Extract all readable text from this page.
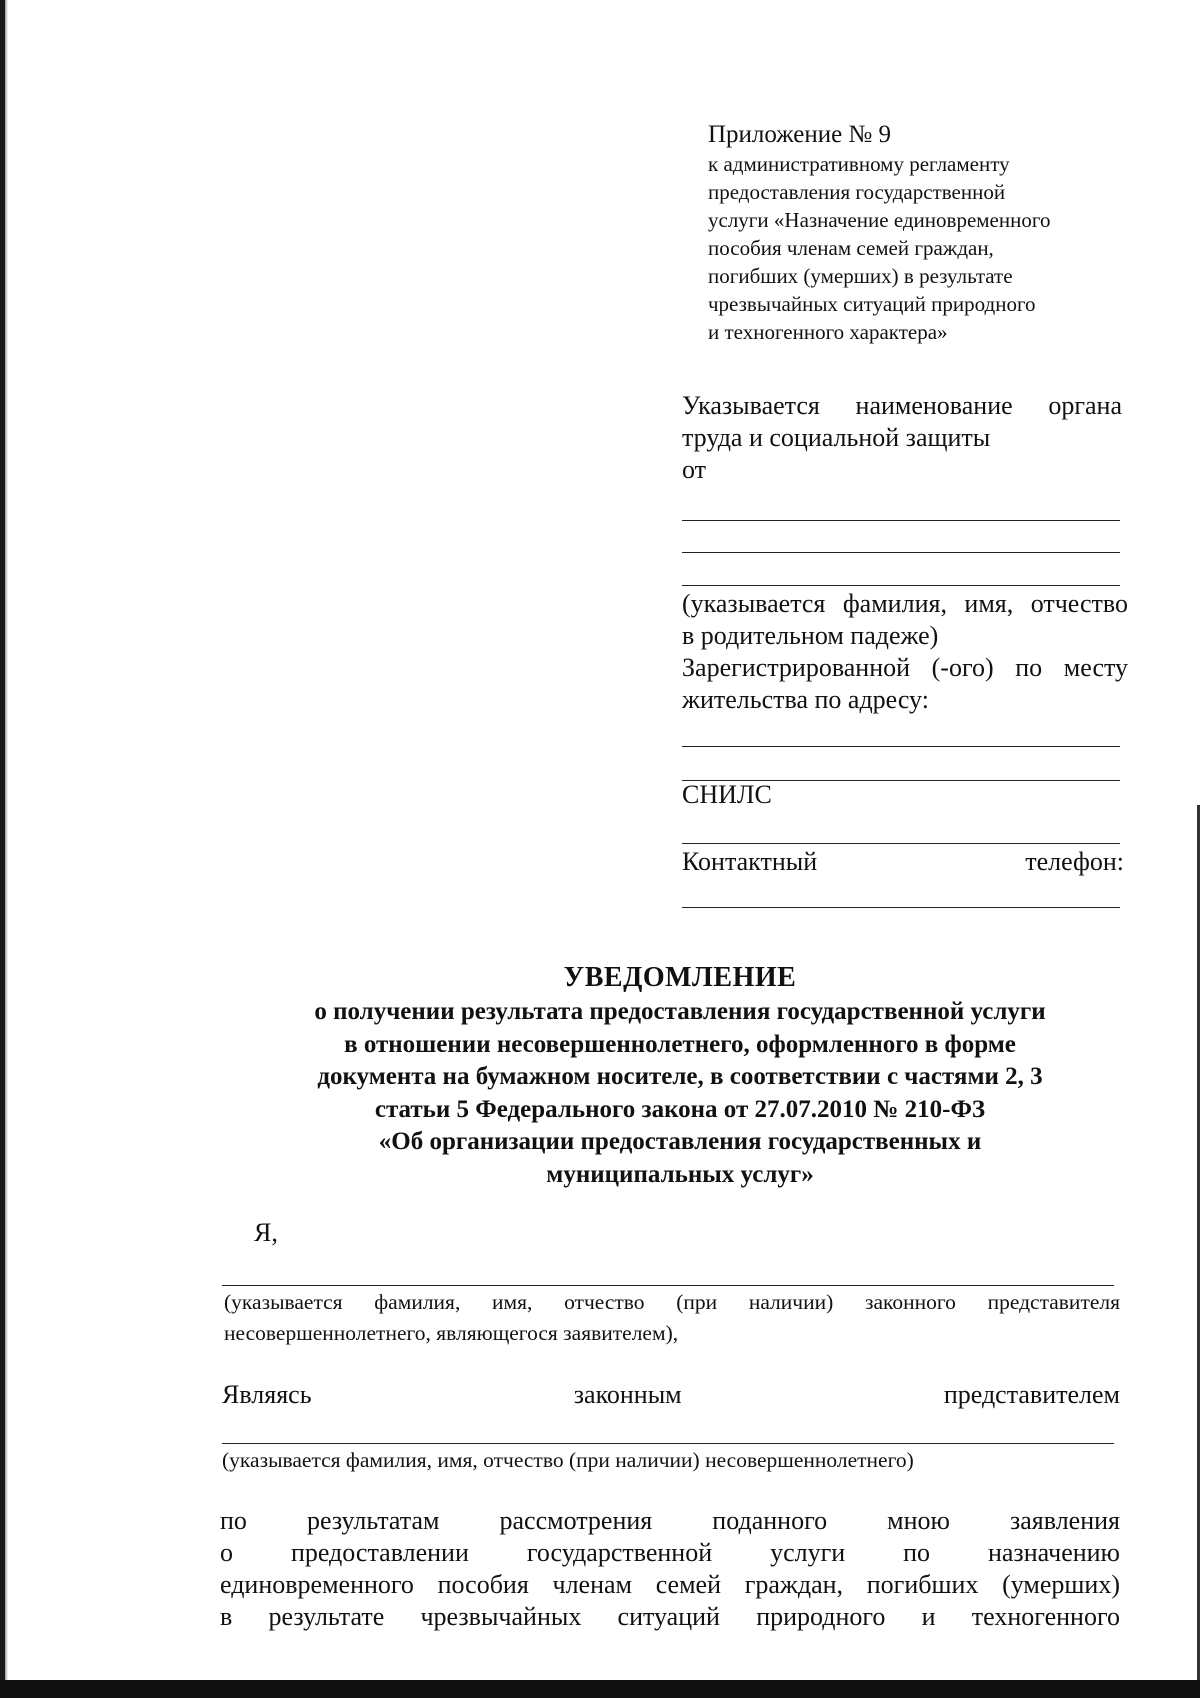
Приложение № 9
к административному регламенту
предоставления государственной
услуги «Назначение единовременного
пособия членам семей граждан,
погибших (умерших) в результате
чрезвычайных ситуаций природного
и техногенного характера»
Указывается наименование органа
труда и социальной защиты
от
(указывается фамилия, имя, отчество
в родительном падеже)
Зарегистрированной (-ого) по месту
жительства по адресу:
СНИЛС
Контактный телефон:
УВЕДОМЛЕНИЕ
о получении результата предоставления государственной услуги
в отношении несовершеннолетнего, оформленного в форме
документа на бумажном носителе, в соответствии с частями 2, 3
статьи 5 Федерального закона от 27.07.2010 № 210-ФЗ
«Об организации предоставления государственных и
муниципальных услуг»
Я,
(указывается фамилия, имя, отчество (при наличии) законного представителя
несовершеннолетнего, являющегося заявителем),
Являясь законным представителем
(указывается фамилия, имя, отчество (при наличии) несовершеннолетнего)
по результатам рассмотрения поданного мною заявления
о предоставлении государственной услуги по назначению
единовременного пособия членам семей граждан, погибших (умерших)
в результате чрезвычайных ситуаций природного и техногенного
